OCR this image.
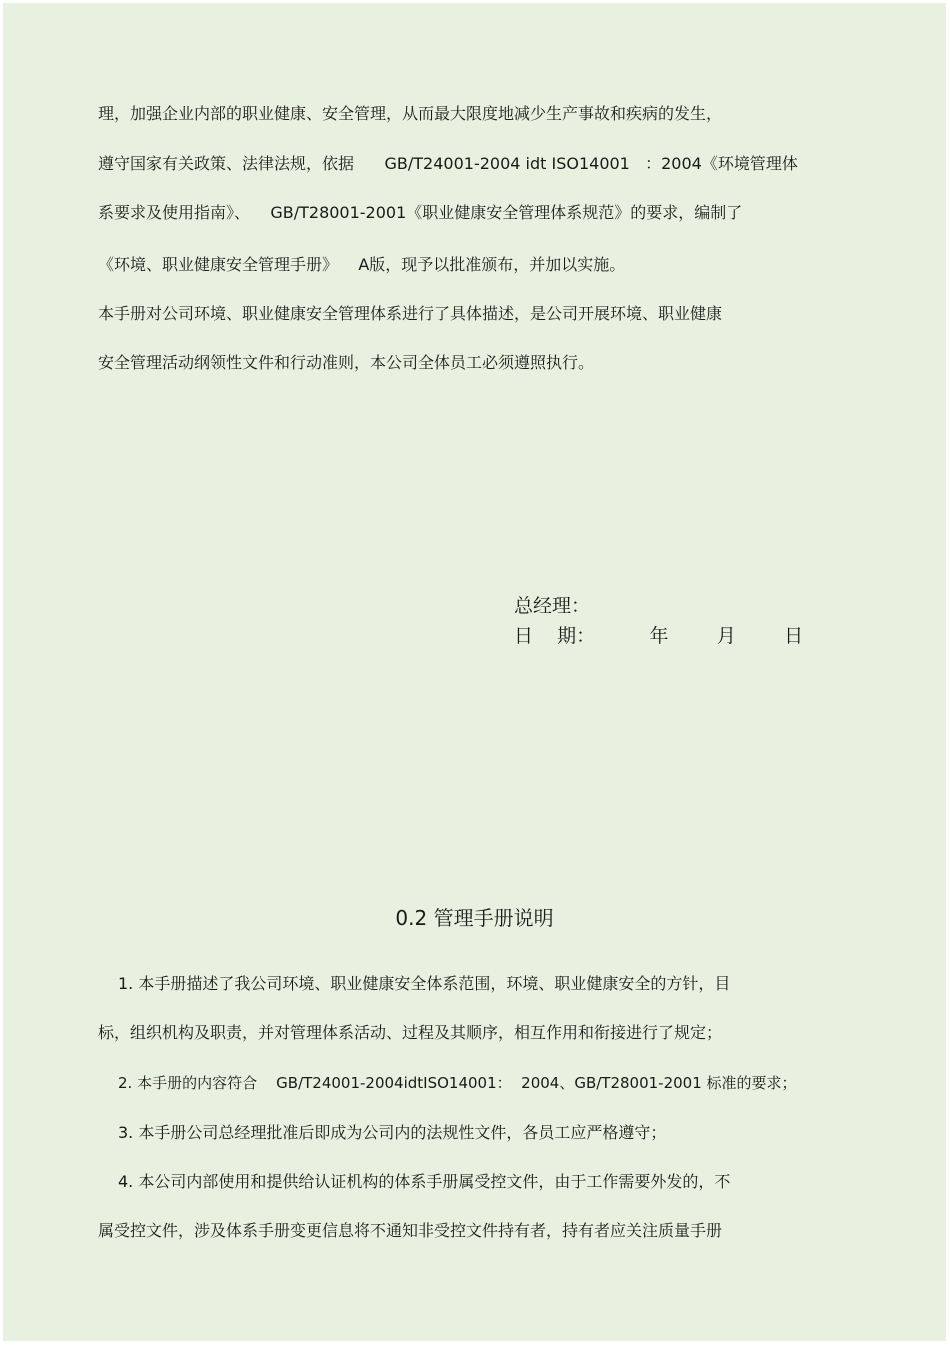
理，加强企业内部的职业健康、安全管理，从而最大限度地减少生产事故和疾病的发生，
遵守国家有关政策、法律法规，依据      GB/T24001-2004 idt ISO14001   ：2004《环境管理体
系要求及使用指南》、    GB/T28001-2001《职业健康安全管理体系规范》的要求，编制了
《环境、职业健康安全管理手册》    A版，现予以批准颁布，并加以实施。
本手册对公司环境、职业健康安全管理体系进行了具体描述，是公司开展环境、职业健康
安全管理活动纲领性文件和行动准则，本公司全体员工必须遵照执行。
总经理：
日    期：         年        月        日
0.2 管理手册说明
1. 本手册描述了我公司环境、职业健康安全体系范围，环境、职业健康安全的方针，目
标，组织机构及职责，并对管理体系活动、过程及其顺序，相互作用和衔接进行了规定；
2. 本手册的内容符合    GB/T24001-2004idtISO14001：  2004、GB/T28001-2001 标准的要求；
3. 本手册公司总经理批准后即成为公司内的法规性文件，各员工应严格遵守；
4. 本公司内部使用和提供给认证机构的体系手册属受控文件，由于工作需要外发的，不
属受控文件，涉及体系手册变更信息将不通知非受控文件持有者，持有者应关注质量手册
